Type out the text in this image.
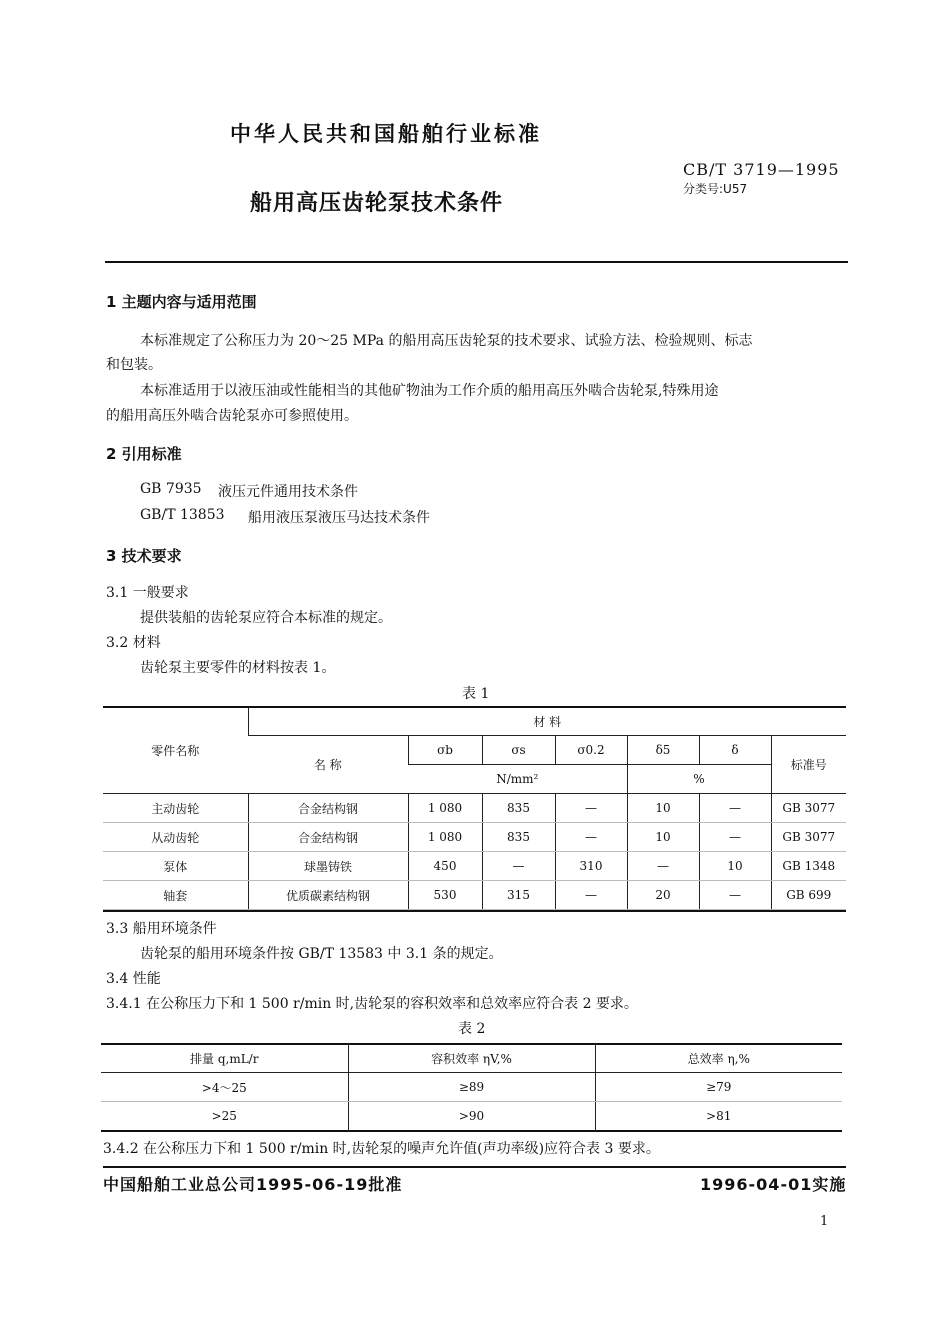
中华人民共和国船舶行业标准
CB/T 3719—1995
分类号:U57
船用高压齿轮泵技术条件
1 主题内容与适用范围
本标准规定了公称压力为 20～25 MPa 的船用高压齿轮泵的技术要求、试验方法、检验规则、标志
和包装。
本标准适用于以液压油或性能相当的其他矿物油为工作介质的船用高压外啮合齿轮泵,特殊用途
的船用高压外啮合齿轮泵亦可参照使用。
2 引用标准
GB 7935 液压元件通用技术条件
GB/T 13853 船用液压泵液压马达技术条件
3 技术要求
3.1 一般要求
提供装船的齿轮泵应符合本标准的规定。
3.2 材料
齿轮泵主要零件的材料按表 1。
表 1
零件名称	材 料						
	名 称	σb	σs	σ0.2	δ5	δ	标准号
		N/mm²			%		
主动齿轮	合金结构钢	1 080	835	—	10	—	GB 3077
从动齿轮	合金结构钢	1 080	835	—	10	—	GB 3077
泵体	球墨铸铁	450	—	310	—	10	GB 1348
轴套	优质碳素结构钢	530	315	—	20	—	GB 699
3.3 船用环境条件
齿轮泵的船用环境条件按 GB/T 13583 中 3.1 条的规定。
3.4 性能
3.4.1 在公称压力下和 1 500 r/min 时,齿轮泵的容积效率和总效率应符合表 2 要求。
表 2
排量 q,mL/r	容积效率 ηV,%	总效率 η,%
>4～25	≥89	≥79
>25	>90	>81
3.4.2 在公称压力下和 1 500 r/min 时,齿轮泵的噪声允许值(声功率级)应符合表 3 要求。
中国船舶工业总公司1995-06-19批准	1996-04-01实施
1
